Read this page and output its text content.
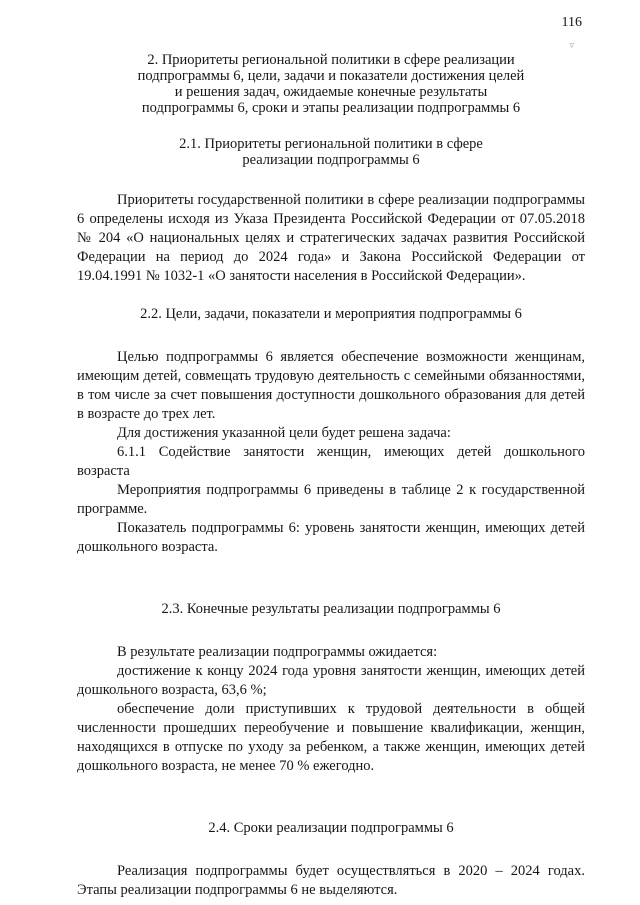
116
▿
2. Приоритеты региональной политики в сфере реализации
подпрограммы 6, цели, задачи и показатели достижения целей
и решения задач, ожидаемые конечные результаты
подпрограммы 6, сроки и этапы реализации подпрограммы 6
2.1. Приоритеты региональной политики в сфере
реализации подпрограммы 6

Приоритеты государственной политики в сфере реализации подпрограммы 6 определены исходя из Указа Президента Российской Федерации от 07.05.2018 № 204 «О национальных целях и стратегических задачах развития Российской Федерации на период до 2024 года» и Закона Российской Федерации от 19.04.1991 № 1032-1 «О занятости населения в Российской Федерации».

2.2. Цели, задачи, показатели и мероприятия подпрограммы 6

Целью подпрограммы 6 является обеспечение возможности женщинам, имеющим детей, совмещать трудовую деятельность с семейными обязанностями, в том числе за счет повышения доступности дошкольного образования для детей в возрасте до трех лет.

Для достижения указанной цели будет решена задача:

6.1.1 Содействие занятости женщин, имеющих детей дошкольного возраста

Мероприятия подпрограммы 6 приведены в таблице 2 к государственной программе.

Показатель подпрограммы 6: уровень занятости женщин, имеющих детей дошкольного возраста.

2.3. Конечные результаты реализации подпрограммы 6

В результате реализации подпрограммы ожидается:

достижение к концу 2024 года уровня занятости женщин, имеющих детей дошкольного возраста, 63,6 %;

обеспечение доли приступивших к трудовой деятельности в общей численности прошедших переобучение и повышение квалификации, женщин, находящихся в отпуске по уходу за ребенком, а также женщин, имеющих детей дошкольного возраста, не менее 70 % ежегодно.

2.4. Сроки реализации подпрограммы 6

Реализация подпрограммы будет осуществляться в 2020 – 2024 годах. Этапы реализации подпрограммы 6 не выделяются.
